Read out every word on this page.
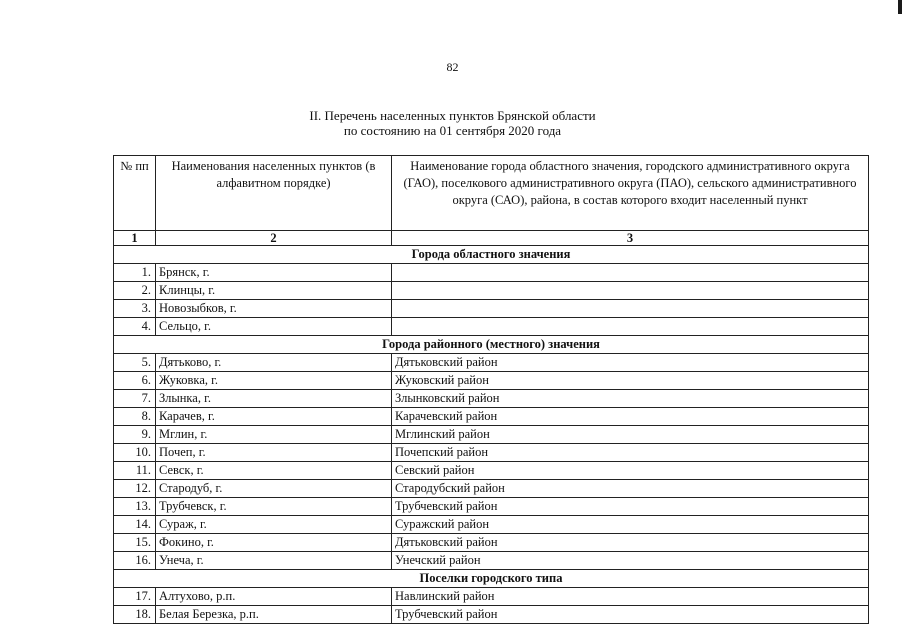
82
II. Перечень населенных пунктов Брянской области
по состоянию на 01 сентября 2020 года
№ пп	Наименования населенных пунктов (в алфавитном порядке)	Наименование города областного значения, городского административного округа (ГАО), поселкового административного округа (ПАО), сельского административного округа (САО), района, в состав которого входит населенный пункт
1	2	3
Города областного значения		
1.	Брянск, г.	
2.	Клинцы, г.	
3.	Новозыбков, г.	
4.	Сельцо, г.	
Города районного (местного) значения		
5.	Дятьково, г.	Дятьковский район
6.	Жуковка, г.	Жуковский район
7.	Злынка, г.	Злынковский район
8.	Карачев, г.	Карачевский район
9.	Мглин, г.	Мглинский район
10.	Почеп, г.	Почепский район
11.	Севск, г.	Севский район
12.	Стародуб, г.	Стародубский район
13.	Трубчевск, г.	Трубчевский район
14.	Сураж, г.	Суражский район
15.	Фокино, г.	Дятьковский район
16.	Унеча, г.	Унечский район
Поселки городского типа		
17.	Алтухово, р.п.	Навлинский район
18.	Белая Березка, р.п.	Трубчевский район
